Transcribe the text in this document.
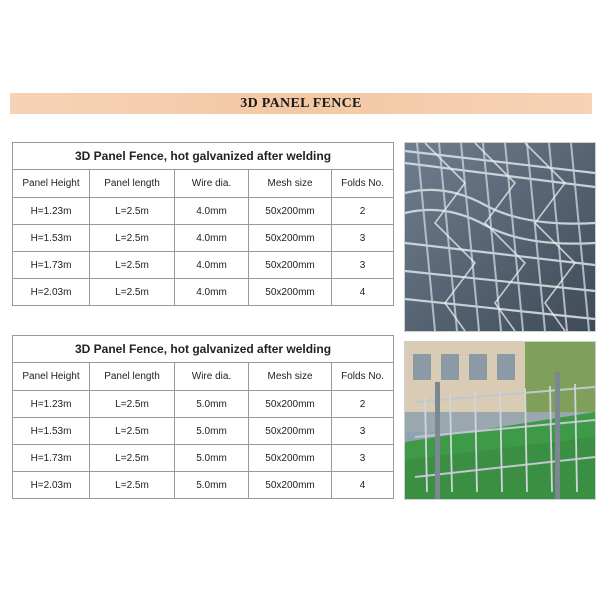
3D PANEL FENCE
3D Panel Fence, hot galvanized after welding				
Panel Height	Panel length	Wire dia.	Mesh size	Folds No.
H=1.23m	L=2.5m	4.0mm	50x200mm	2
H=1.53m	L=2.5m	4.0mm	50x200mm	3
H=1.73m	L=2.5m	4.0mm	50x200mm	3
H=2.03m	L=2.5m	4.0mm	50x200mm	4
3D Panel Fence, hot galvanized after welding				
Panel Height	Panel length	Wire dia.	Mesh size	Folds No.
H=1.23m	L=2.5m	5.0mm	50x200mm	2
H=1.53m	L=2.5m	5.0mm	50x200mm	3
H=1.73m	L=2.5m	5.0mm	50x200mm	3
H=2.03m	L=2.5m	5.0mm	50x200mm	4
